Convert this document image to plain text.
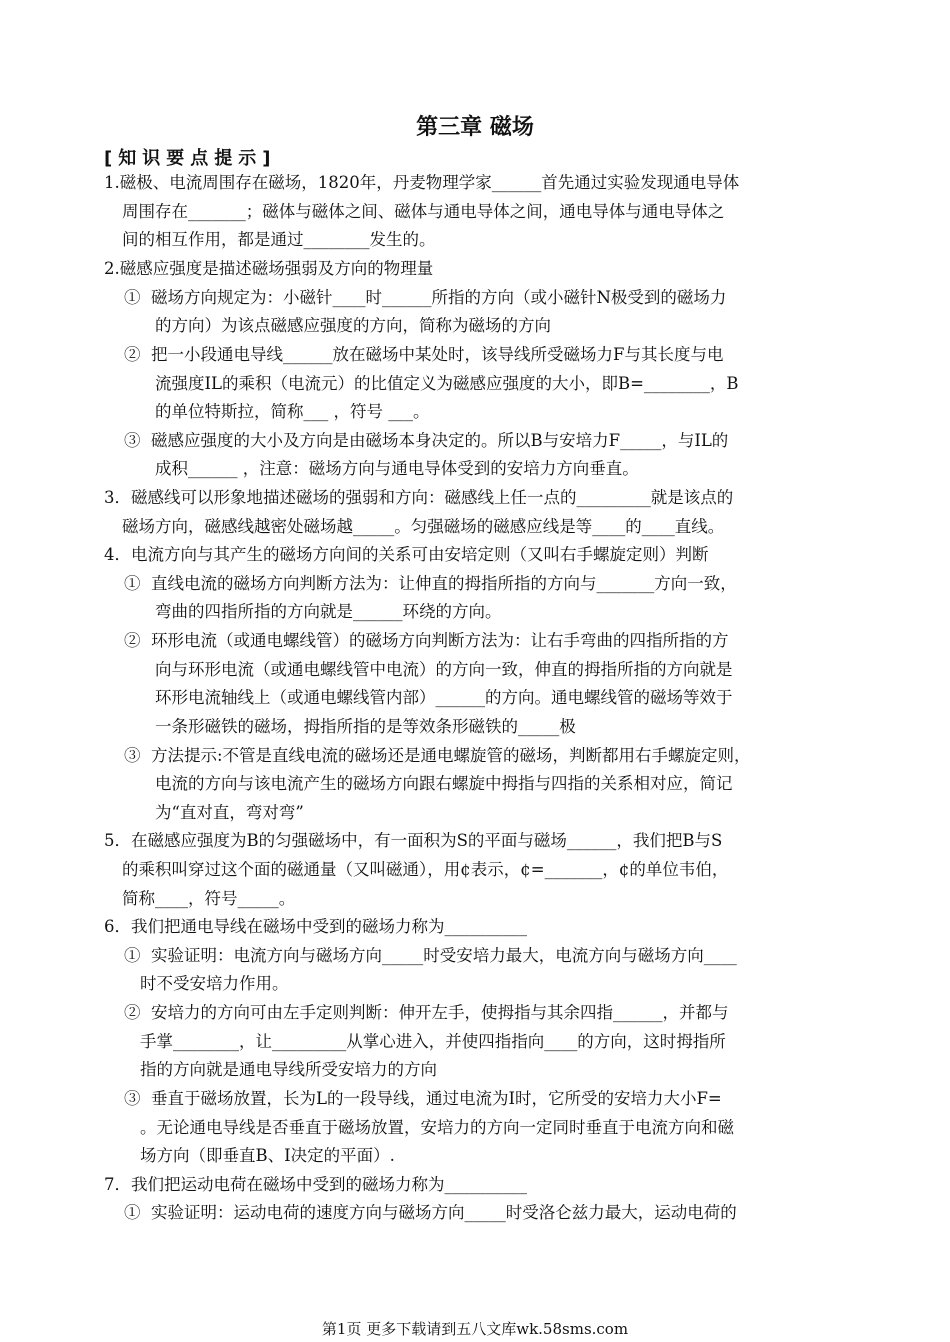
第三章 磁场
[知识要点提示]
1.磁极、电流周围存在磁场，1820年，丹麦物理学家______首先通过实验发现通电导体
周围存在_______；磁体与磁体之间、磁体与通电导体之间，通电导体与通电导体之
间的相互作用，都是通过________发生的。
2.磁感应强度是描述磁场强弱及方向的物理量
①  磁场方向规定为：小磁针____时______所指的方向（或小磁针N极受到的磁场力
的方向）为该点磁感应强度的方向，简称为磁场的方向
②  把一小段通电导线______放在磁场中某处时，该导线所受磁场力F与其长度与电
流强度IL的乘积（电流元）的比值定义为磁感应强度的大小，即B=________，B
的单位特斯拉，简称___ ，符号 ___。
③  磁感应强度的大小及方向是由磁场本身决定的。所以B与安培力F_____，与IL的
成积______ ，注意：磁场方向与通电导体受到的安培力方向垂直。
3．磁感线可以形象地描述磁场的强弱和方向：磁感线上任一点的_________就是该点的
磁场方向，磁感线越密处磁场越_____。匀强磁场的磁感应线是等____的____直线。
4．电流方向与其产生的磁场方向间的关系可由安培定则（又叫右手螺旋定则）判断
①  直线电流的磁场方向判断方法为：让伸直的拇指所指的方向与_______方向一致，
弯曲的四指所指的方向就是______环绕的方向。
②  环形电流（或通电螺线管）的磁场方向判断方法为：让右手弯曲的四指所指的方
向与环形电流（或通电螺线管中电流）的方向一致，伸直的拇指所指的方向就是
环形电流轴线上（或通电螺线管内部）______的方向。通电螺线管的磁场等效于
一条形磁铁的磁场，拇指所指的是等效条形磁铁的_____极
③  方法提示:不管是直线电流的磁场还是通电螺旋管的磁场，判断都用右手螺旋定则，
电流的方向与该电流产生的磁场方向跟右螺旋中拇指与四指的关系相对应，简记
为“直对直，弯对弯”
5．在磁感应强度为B的匀强磁场中，有一面积为S的平面与磁场______，我们把B与S
的乘积叫穿过这个面的磁通量（又叫磁通），用¢表示，¢=_______，¢的单位韦伯，
简称____，符号_____。
6．我们把通电导线在磁场中受到的磁场力称为__________
①  实验证明：电流方向与磁场方向_____时受安培力最大，电流方向与磁场方向____
时不受安培力作用。
②  安培力的方向可由左手定则判断：伸开左手，使拇指与其余四指______，并都与
手掌________，让_________从掌心进入，并使四指指向____的方向，这时拇指所
指的方向就是通电导线所受安培力的方向
③  垂直于磁场放置，长为L的一段导线，通过电流为I时，它所受的安培力大小F=
。无论通电导线是否垂直于磁场放置，安培力的方向一定同时垂直于电流方向和磁
场方向（即垂直B、I决定的平面）.
7．我们把运动电荷在磁场中受到的磁场力称为__________
①  实验证明：运动电荷的速度方向与磁场方向_____时受洛仑兹力最大，运动电荷的
第1页 更多下载请到五八文库wk.58sms.com
